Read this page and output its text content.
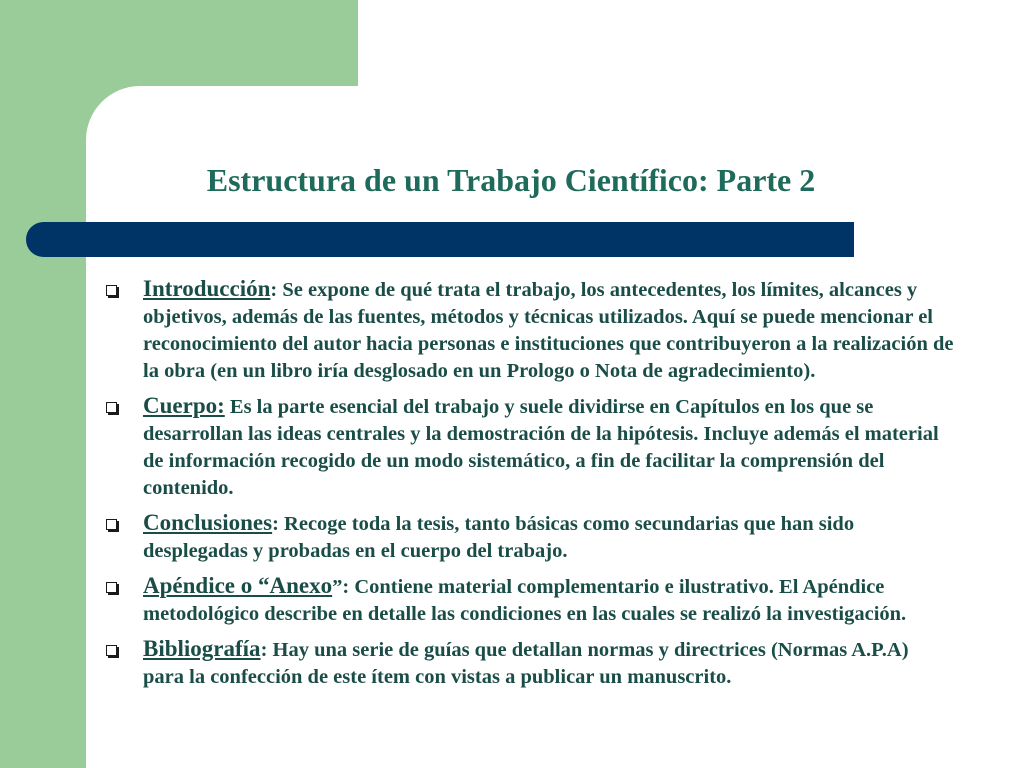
Estructura de un Trabajo Científico: Parte 2
Introducción: Se expone de qué trata el trabajo, los antecedentes, los límites, alcances y objetivos, además de las fuentes, métodos y técnicas utilizados. Aquí se puede mencionar el reconocimiento del autor hacia personas e instituciones que contribuyeron a la realización de la obra (en un libro iría desglosado en un Prologo o Nota de agradecimiento).
Cuerpo: Es la parte esencial del trabajo y suele dividirse en Capítulos en los que se desarrollan las ideas centrales y la demostración de la hipótesis. Incluye además el material de información recogido de un modo sistemático, a fin de facilitar la comprensión del contenido.
Conclusiones: Recoge toda la tesis, tanto básicas como secundarias que han sido desplegadas y probadas en el cuerpo del trabajo.
Apéndice o “Anexo”: Contiene material complementario e ilustrativo. El Apéndice metodológico describe en detalle las condiciones en las cuales se realizó la investigación.
Bibliografía: Hay una serie de guías que detallan normas y directrices (Normas A.P.A) para la confección de este ítem con vistas a publicar un manuscrito.
